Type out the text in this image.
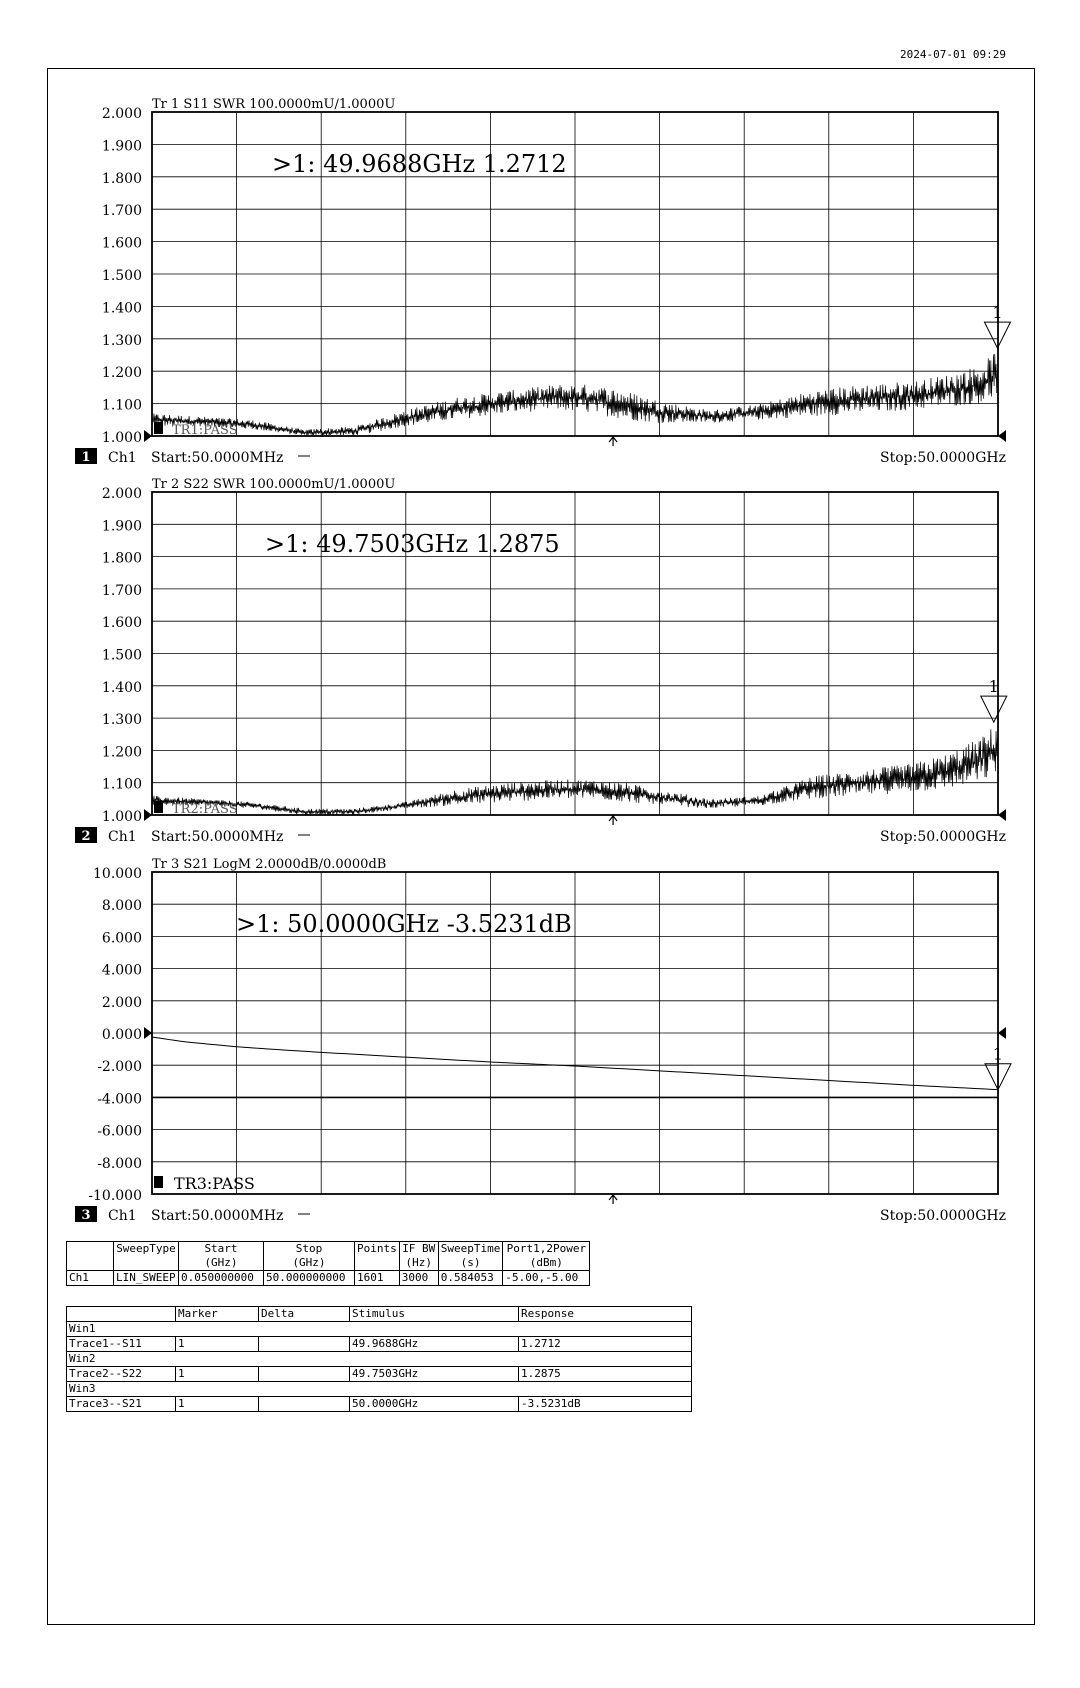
2024-07-01 09:29
Tr 1 S11 SWR 100.0000mU/1.0000U
2.000
1.900
1.800
1.700
1.600
1.500
1.400
1.300
1.200
1.100
1.000
1
>1: 49.9688GHz 1.2712
TR1:PASS
1 Ch1 Start:50.0000MHz	Stop:50.0000GHz
Tr 2 S22 SWR 100.0000mU/1.0000U
2.000
1.900
1.800
1.700
1.600
1.500
1.400
1.300
1.200
1.100
1.000
1
>1: 49.7503GHz 1.2875
TR2:PASS
2 Ch1 Start:50.0000MHz	Stop:50.0000GHz
Tr 3 S21 LogM 2.0000dB/0.0000dB
10.000
8.000
6.000
4.000
2.000
0.000
-2.000
-4.000
-6.000
-8.000
-10.000
1
>1: 50.0000GHz -3.5231dB
TR3:PASS
3 Ch1 Start:50.0000MHz	Stop:50.0000GHz
	SweepType	Start	Stop	Points	IF BW	SweepTime	Port1,2Power
		(GHz)	(GHz)		(Hz)	(s)	(dBm)
Ch1	LIN_SWEEP	0.050000000	50.000000000	1601	3000	0.584053	-5.00,-5.00
	Marker	Delta	Stimulus	Response
Win1				
Trace1--S11	1		49.9688GHz	1.2712
Win2				
Trace2--S22	1		49.7503GHz	1.2875
Win3				
Trace3--S21	1		50.0000GHz	-3.5231dB
